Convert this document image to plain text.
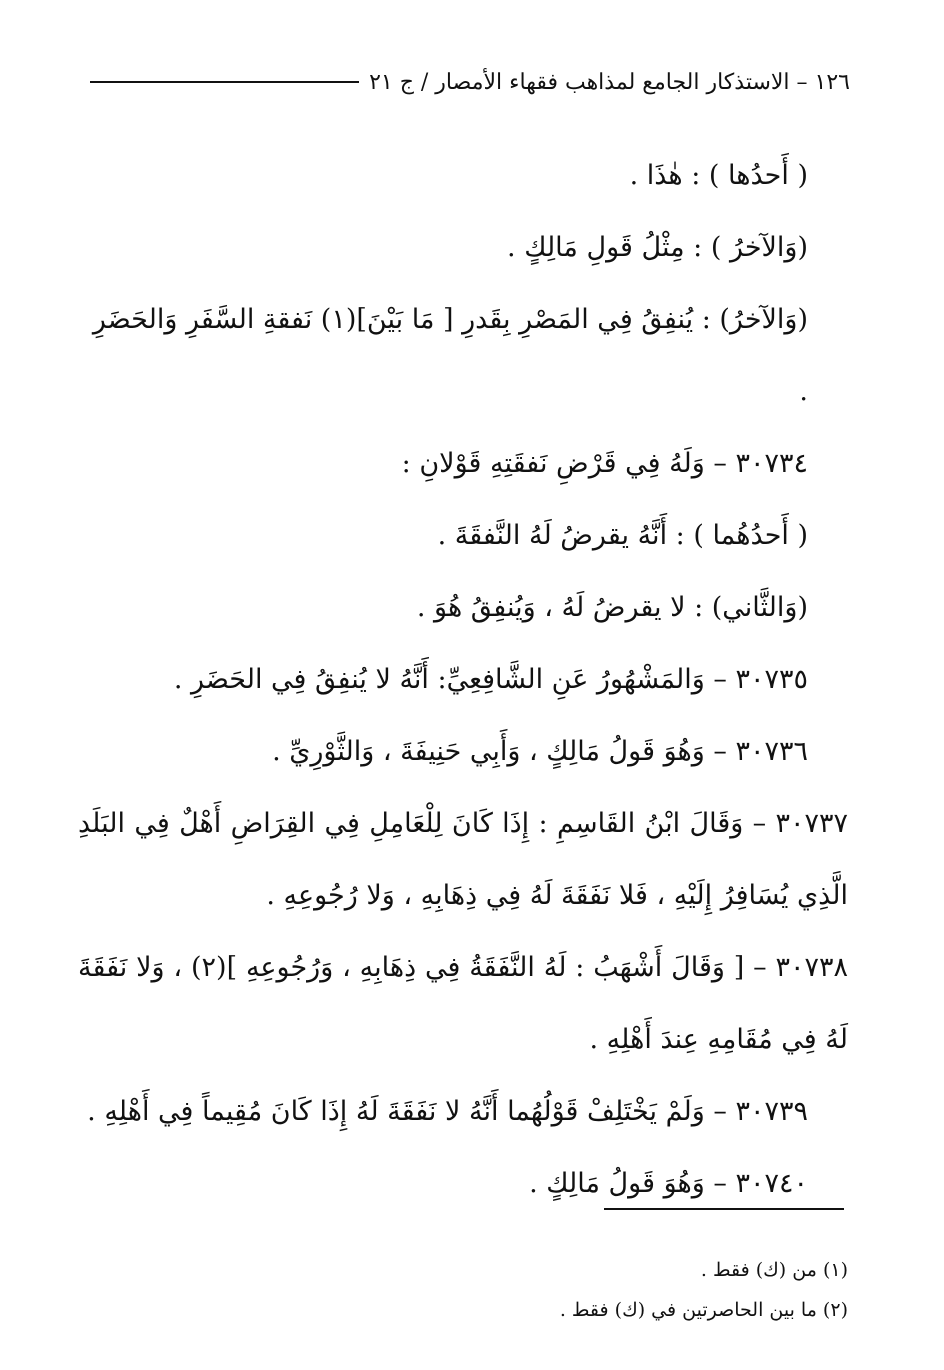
١٢٦ – الاستذكار الجامع لمذاهب فقهاء الأمصار / ج ٢١

( أَحدُها ) : هٰذَا .

(وَالآخرُ ) : مِثْلُ قَولِ مَالِكٍ .

(وَالآخرُ) : يُنفِقُ فِي المَصْرِ بِقَدرِ [ مَا بَيْنَ](١) نَفقةِ السَّفَرِ وَالحَضَرِ .

٣٠٧٣٤ – وَلَهُ فِي قَرْضِ نَفقَتِهِ قَوْلانِ :

( أَحدُهُما ) : أَنَّهُ يقرضُ لَهُ النَّفقَةَ .

(وَالثَّاني) : لا يقرضُ لَهُ ، وَيُنفِقُ هُوَ .

٣٠٧٣٥ – وَالمَشْهُورُ عَنِ الشَّافِعِيِّ: أَنَّهُ لا يُنفِقُ فِي الحَضَرِ .

٣٠٧٣٦ – وَهُوَ قَولُ مَالِكٍ ، وَأَبِي حَنِيفَةَ ، وَالثَّوْرِيِّ .

٣٠٧٣٧ – وَقَالَ ابْنُ القَاسِمِ : إِذَا كَانَ لِلْعَامِلِ فِي القِرَاضِ أَهْلٌ فِي البَلَدِ الَّذِي يُسَافِرُ إِلَيْهِ ، فَلا نَفَقَةَ لَهُ فِي ذِهَابِهِ ، وَلا رُجُوعِهِ .

٣٠٧٣٨ – [ وَقَالَ أَشْهَبُ : لَهُ النَّفَقَةُ فِي ذِهَابِهِ ، وَرُجُوعِهِ ](٢) ، وَلا نَفَقَةَ لَهُ فِي مُقَامِهِ عِندَ أَهْلِهِ .

٣٠٧٣٩ – وَلَمْ يَخْتَلِفْ قَوْلُهُما أَنَّهُ لا نَفَقَةَ لَهُ إِذَا كَانَ مُقِيماً فِي أَهْلِهِ .

٣٠٧٤٠ – وَهُوَ قَولُ مَالِكٍ .

(١) من (ك) فقط .

(٢) ما بين الحاصرتين في (ك) فقط .
